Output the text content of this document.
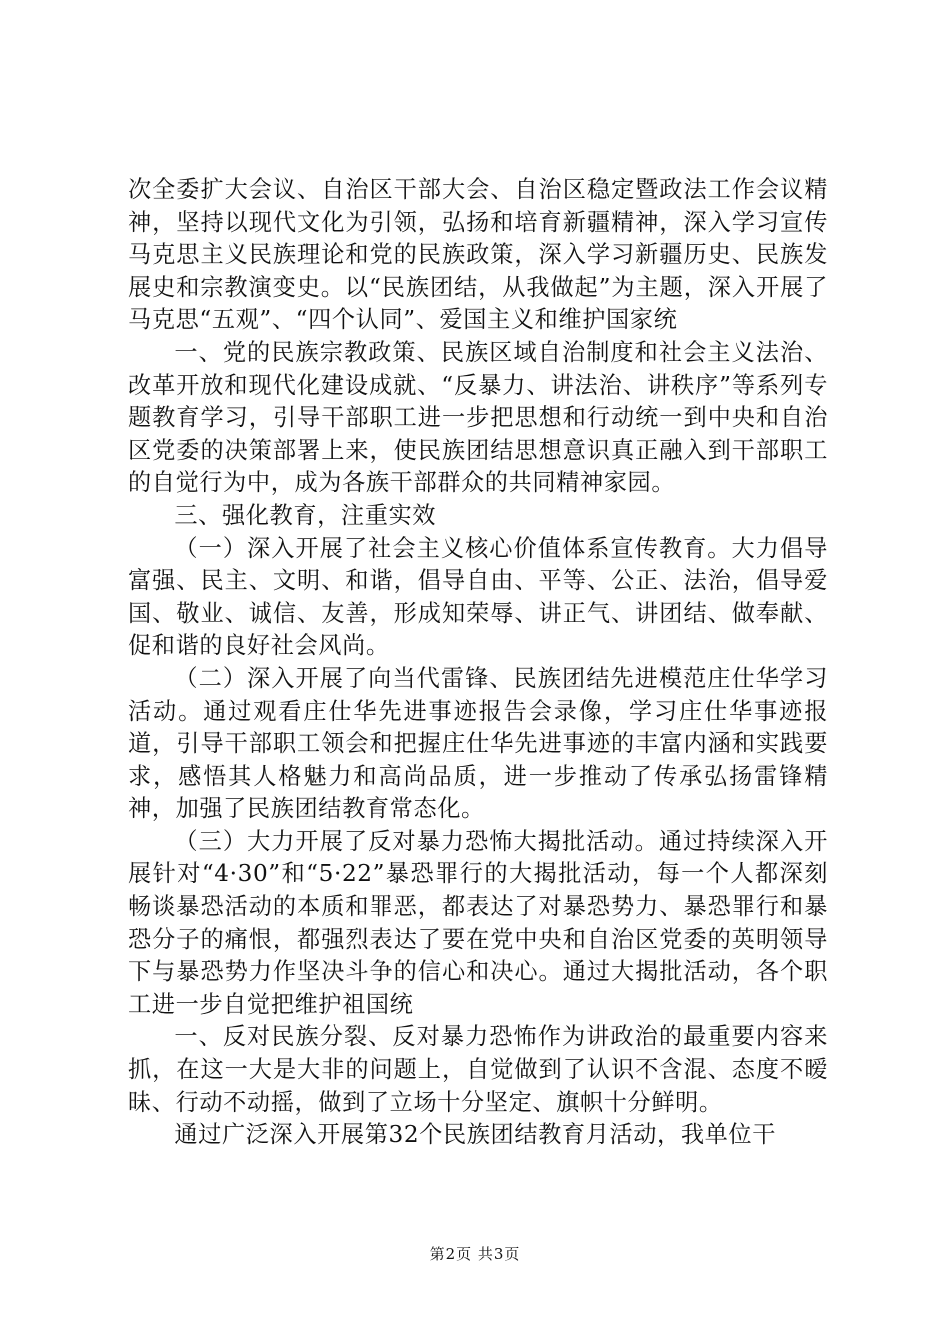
次全委扩大会议、自治区干部大会、自治区稳定暨政法工作会议精神，坚持以现代文化为引领，弘扬和培育新疆精神，深入学习宣传马克思主义民族理论和党的民族政策，深入学习新疆历史、民族发展史和宗教演变史。以“民族团结，从我做起”为主题，深入开展了马克思“五观”、“四个认同”、爱国主义和维护国家统

一、党的民族宗教政策、民族区域自治制度和社会主义法治、改革开放和现代化建设成就、“反暴力、讲法治、讲秩序”等系列专题教育学习，引导干部职工进一步把思想和行动统一到中央和自治区党委的决策部署上来，使民族团结思想意识真正融入到干部职工的自觉行为中，成为各族干部群众的共同精神家园。

三、强化教育，注重实效

（一）深入开展了社会主义核心价值体系宣传教育。大力倡导富强、民主、文明、和谐，倡导自由、平等、公正、法治，倡导爱国、敬业、诚信、友善，形成知荣辱、讲正气、讲团结、做奉献、促和谐的良好社会风尚。

（二）深入开展了向当代雷锋、民族团结先进模范庄仕华学习活动。通过观看庄仕华先进事迹报告会录像，学习庄仕华事迹报道，引导干部职工领会和把握庄仕华先进事迹的丰富内涵和实践要求，感悟其人格魅力和高尚品质，进一步推动了传承弘扬雷锋精神，加强了民族团结教育常态化。

（三）大力开展了反对暴力恐怖大揭批活动。通过持续深入开展针对“4·30”和“5·22”暴恐罪行的大揭批活动，每一个人都深刻畅谈暴恐活动的本质和罪恶，都表达了对暴恐势力、暴恐罪行和暴恐分子的痛恨，都强烈表达了要在党中央和自治区党委的英明领导下与暴恐势力作坚决斗争的信心和决心。通过大揭批活动，各个职工进一步自觉把维护祖国统

一、反对民族分裂、反对暴力恐怖作为讲政治的最重要内容来抓，在这一大是大非的问题上，自觉做到了认识不含混、态度不暧昧、行动不动摇，做到了立场十分坚定、旗帜十分鲜明。

通过广泛深入开展第32个民族团结教育月活动，我单位干

第2页 共3页
